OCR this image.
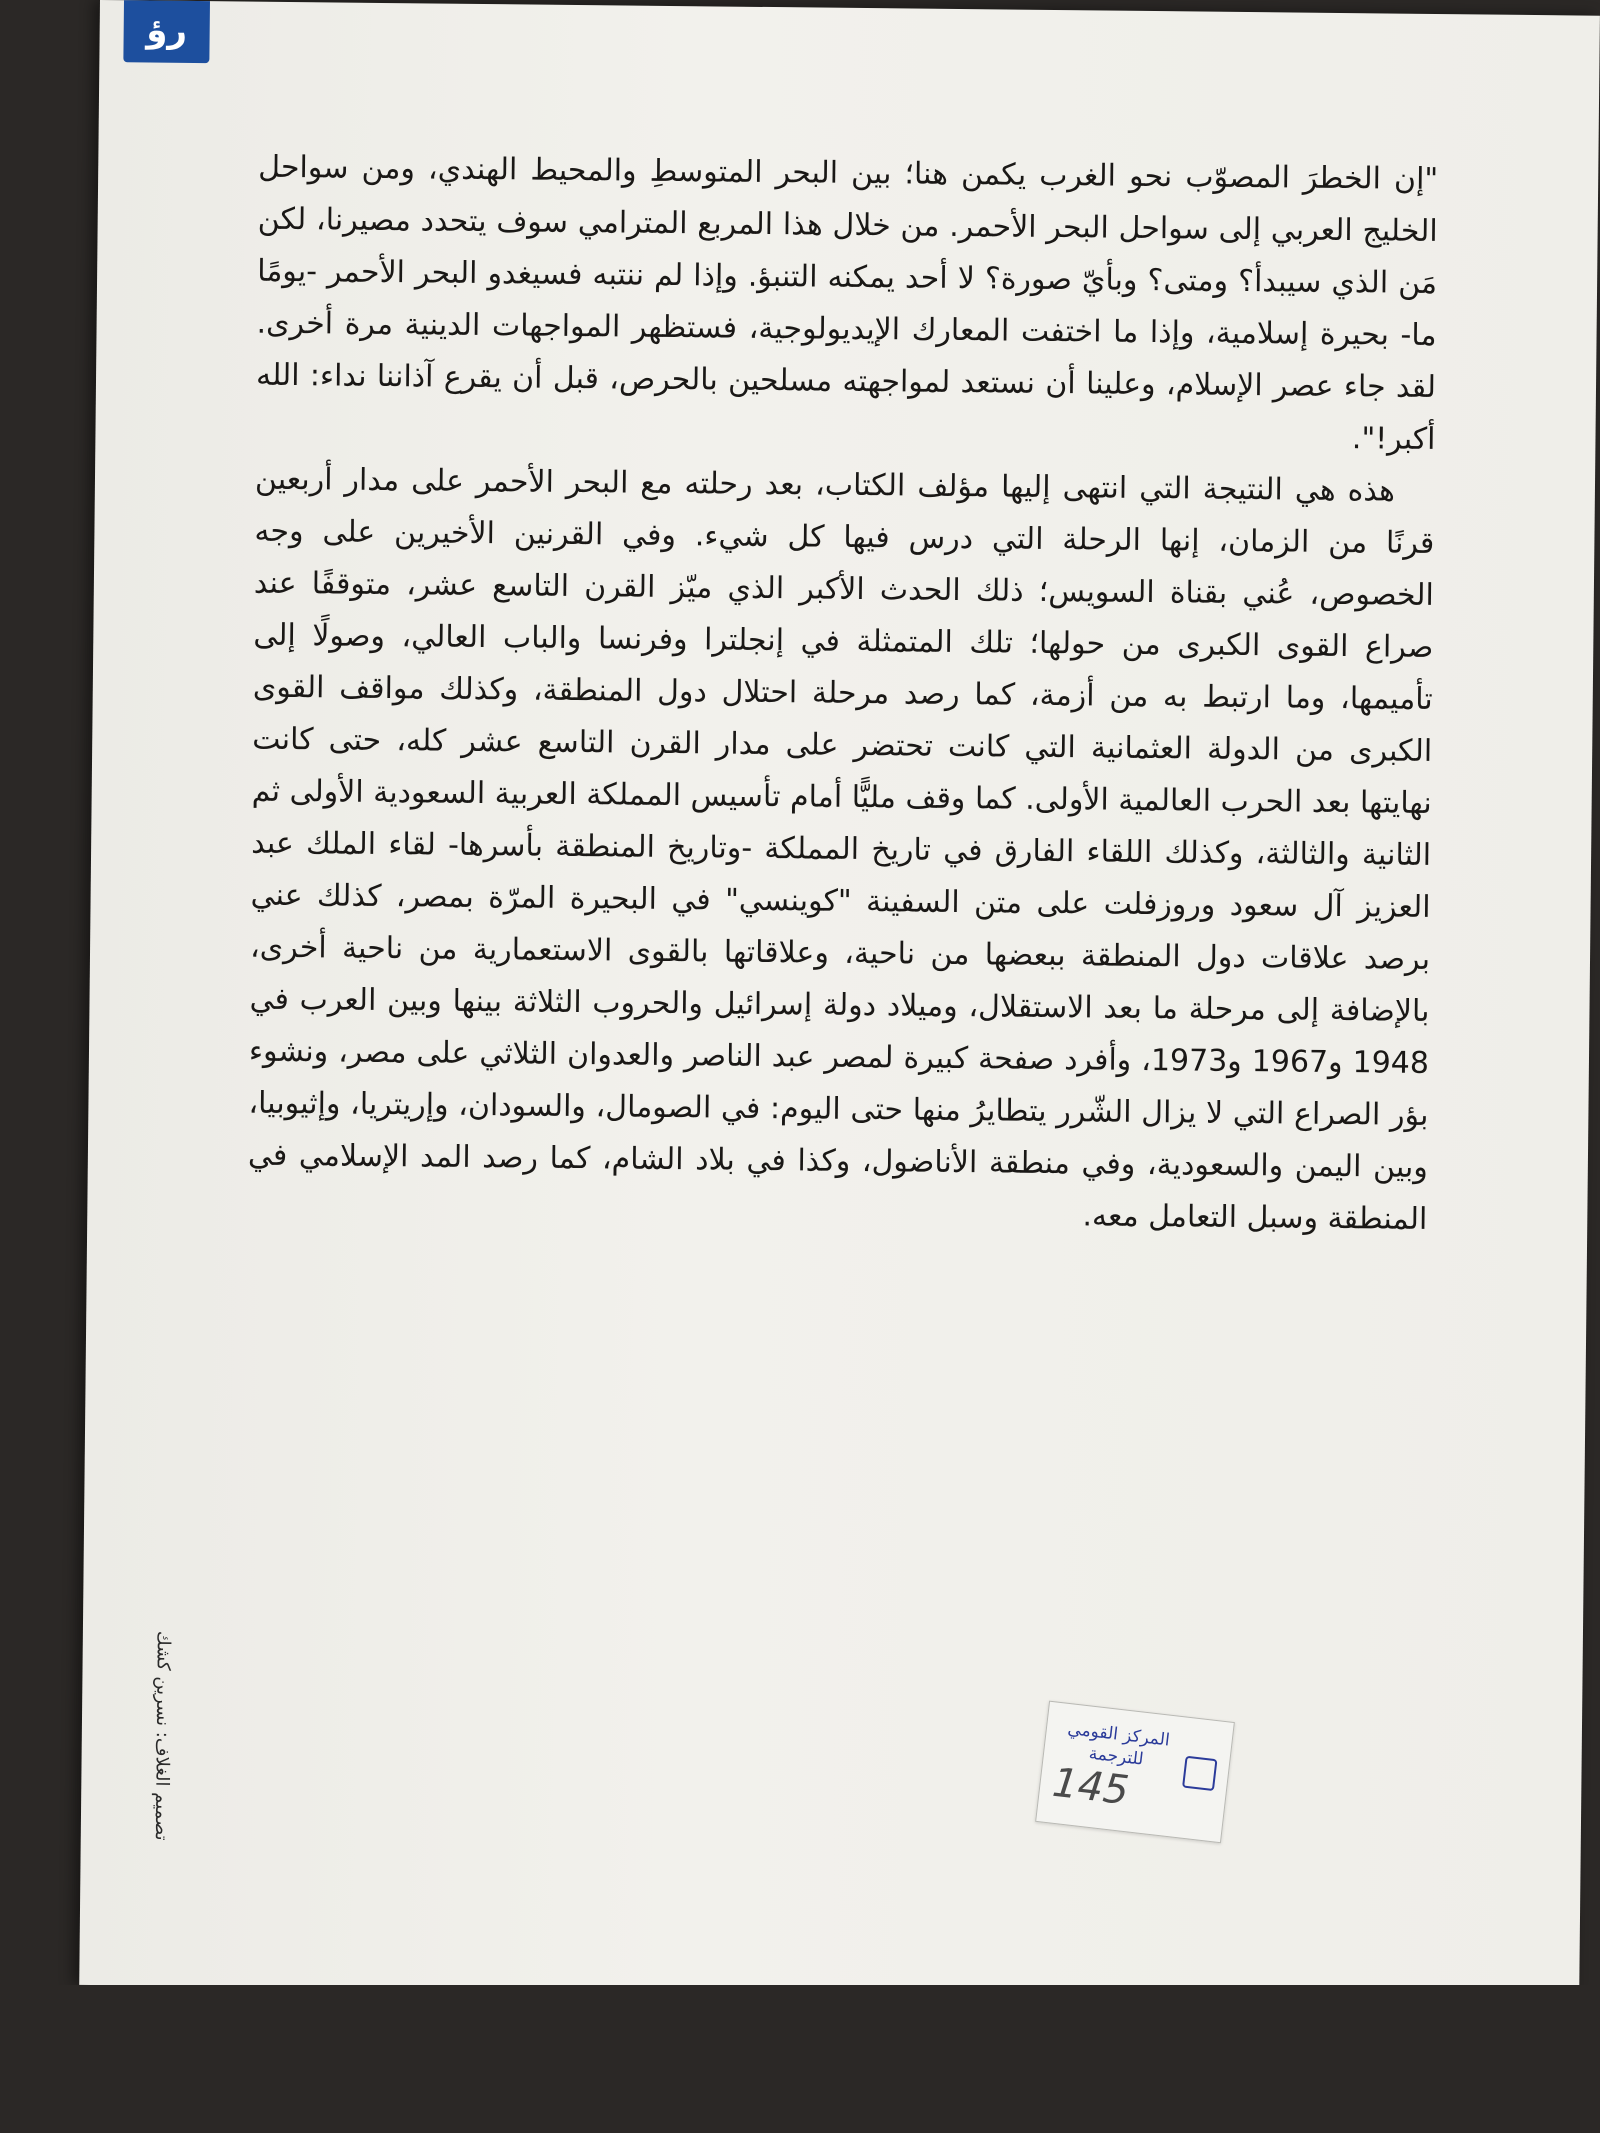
رؤ

"إن الخطرَ المصوّب نحو الغرب يكمن هنا؛ بين البحر المتوسطِ والمحيط الهندي، ومن سواحل الخليج العربي إلى سواحل البحر الأحمر. من خلال هذا المربع المترامي سوف يتحدد مصيرنا، لكن مَن الذي سيبدأ؟ ومتى؟ وبأيّ صورة؟ لا أحد يمكنه التنبؤ. وإذا لم ننتبه فسيغدو البحر الأحمر -يومًا ما- بحيرة إسلامية، وإذا ما اختفت المعارك الإيديولوجية، فستظهر المواجهات الدينية مرة أخرى. لقد جاء عصر الإسلام، وعلينا أن نستعد لمواجهته مسلحين بالحرص، قبل أن يقرع آذاننا نداء: الله أكبر!".

هذه هي النتيجة التي انتهى إليها مؤلف الكتاب، بعد رحلته مع البحر الأحمر على مدار أربعين قرنًا من الزمان، إنها الرحلة التي درس فيها كل شيء. وفي القرنين الأخيرين على وجه الخصوص، عُني بقناة السويس؛ ذلك الحدث الأكبر الذي ميّز القرن التاسع عشر، متوقفًا عند صراع القوى الكبرى من حولها؛ تلك المتمثلة في إنجلترا وفرنسا والباب العالي، وصولًا إلى تأميمها، وما ارتبط به من أزمة، كما رصد مرحلة احتلال دول المنطقة، وكذلك مواقف القوى الكبرى من الدولة العثمانية التي كانت تحتضر على مدار القرن التاسع عشر كله، حتى كانت نهايتها بعد الحرب العالمية الأولى. كما وقف مليًّا أمام تأسيس المملكة العربية السعودية الأولى ثم الثانية والثالثة، وكذلك اللقاء الفارق في تاريخ المملكة -وتاريخ المنطقة بأسرها- لقاء الملك عبد العزيز آل سعود وروزفلت على متن السفينة "كوينسي" في البحيرة المرّة بمصر، كذلك عني برصد علاقات دول المنطقة ببعضها من ناحية، وعلاقاتها بالقوى الاستعمارية من ناحية أخرى، بالإضافة إلى مرحلة ما بعد الاستقلال، وميلاد دولة إسرائيل والحروب الثلاثة بينها وبين العرب في 1948 و1967 و1973، وأفرد صفحة كبيرة لمصر عبد الناصر والعدوان الثلاثي على مصر، ونشوء بؤر الصراع التي لا يزال الشّرر يتطايرُ منها حتى اليوم: في الصومال، والسودان، وإريتريا، وإثيوبيا، وبين اليمن والسعودية، وفي منطقة الأناضول، وكذا في بلاد الشام، كما رصد المد الإسلامي في المنطقة وسبل التعامل معه.

تصميم الغلاف: نسرين كشك	المركز القومي للترجمة
145
